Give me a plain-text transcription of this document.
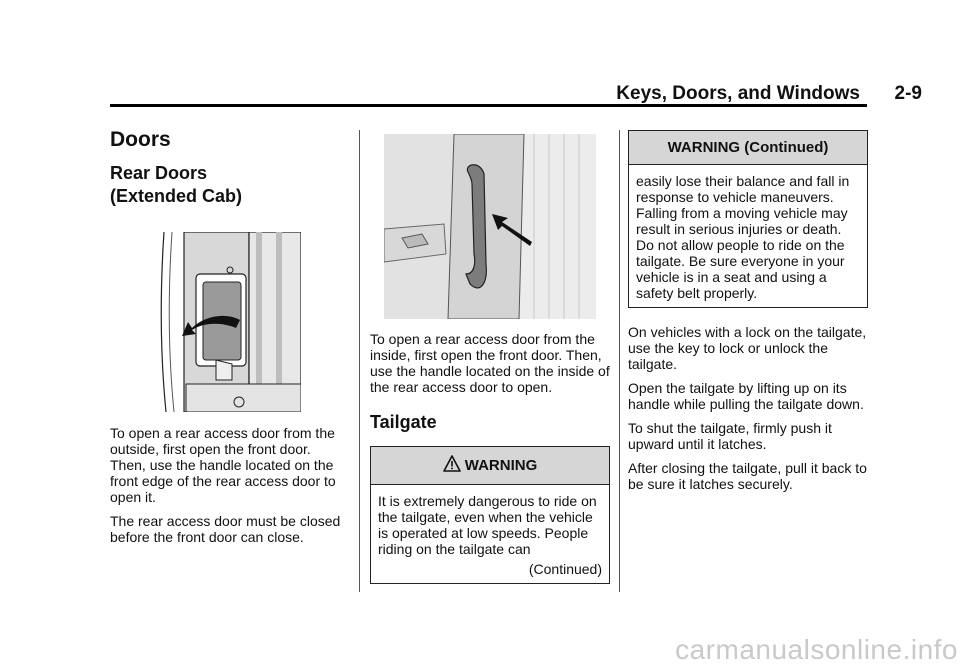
Keys, Doors, and Windows 2-9
Doors
Rear Doors
(Extended Cab)

To open a rear access door from the outside, first open the front door. Then, use the handle located on the front edge of the rear access door to open it.

The rear access door must be closed before the front door can close.

To open a rear access door from the inside, first open the front door. Then, use the handle located on the inside of the rear access door to open.

Tailgate
WARNING
It is extremely dangerous to ride on the tailgate, even when the vehicle is operated at low speeds. People riding on the tailgate can
(Continued)
WARNING (Continued)
easily lose their balance and fall in response to vehicle maneuvers. Falling from a moving vehicle may result in serious injuries or death. Do not allow people to ride on the tailgate. Be sure everyone in your vehicle is in a seat and using a safety belt properly.

On vehicles with a lock on the tailgate, use the key to lock or unlock the tailgate.

Open the tailgate by lifting up on its handle while pulling the tailgate down.

To shut the tailgate, firmly push it upward until it latches.

After closing the tailgate, pull it back to be sure it latches securely.

carmanualsonline.info
